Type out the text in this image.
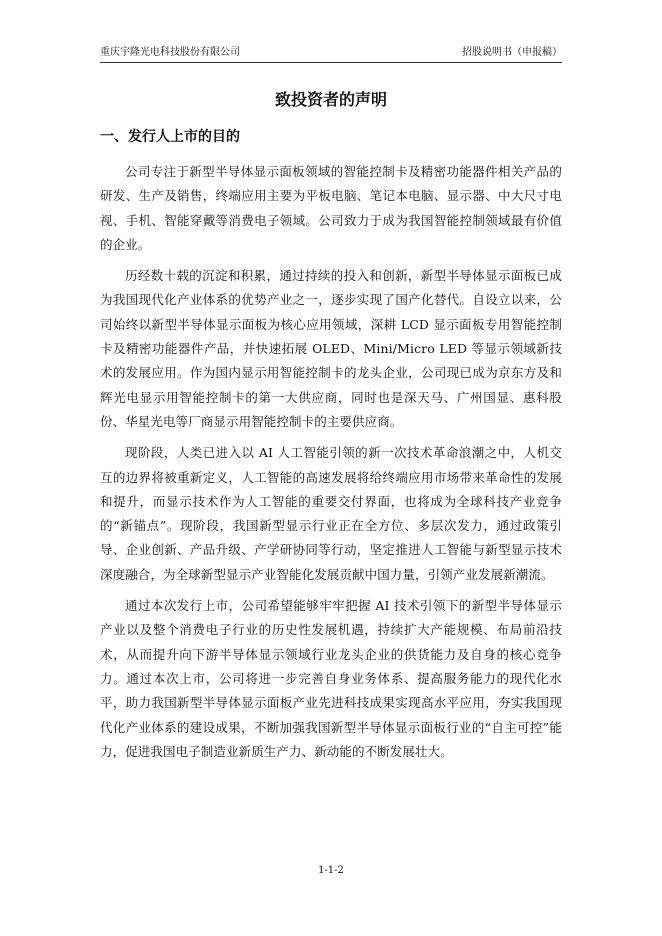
重庆宇隆光电科技股份有限公司	招股说明书（申报稿）
致投资者的声明
一、发行人上市的目的

公司专注于新型半导体显示面板领域的智能控制卡及精密功能器件相关产品的研发、生产及销售，终端应用主要为平板电脑、笔记本电脑、显示器、中大尺寸电视、手机、智能穿戴等消费电子领域。公司致力于成为我国智能控制领域最有价值的企业。

历经数十载的沉淀和积累，通过持续的投入和创新，新型半导体显示面板已成为我国现代化产业体系的优势产业之一，逐步实现了国产化替代。自设立以来，公司始终以新型半导体显示面板为核心应用领域，深耕 LCD 显示面板专用智能控制卡及精密功能器件产品，并快速拓展 OLED、Mini/Micro LED 等显示领域新技术的发展应用。作为国内显示用智能控制卡的龙头企业，公司现已成为京东方及和辉光电显示用智能控制卡的第一大供应商，同时也是深天马、广州国显、惠科股份、华星光电等厂商显示用智能控制卡的主要供应商。

现阶段，人类已进入以 AI 人工智能引领的新一次技术革命浪潮之中，人机交互的边界将被重新定义，人工智能的高速发展将给终端应用市场带来革命性的发展和提升，而显示技术作为人工智能的重要交付界面，也将成为全球科技产业竞争的“新锚点”。现阶段，我国新型显示行业正在全方位、多层次发力，通过政策引导、企业创新、产品升级、产学研协同等行动，坚定推进人工智能与新型显示技术深度融合，为全球新型显示产业智能化发展贡献中国力量，引领产业发展新潮流。

通过本次发行上市，公司希望能够牢牢把握 AI 技术引领下的新型半导体显示产业以及整个消费电子行业的历史性发展机遇，持续扩大产能规模、布局前沿技术，从而提升向下游半导体显示领域行业龙头企业的供货能力及自身的核心竞争力。通过本次上市，公司将进一步完善自身业务体系、提高服务能力的现代化水平，助力我国新型半导体显示面板产业先进科技成果实现高水平应用，夯实我国现代化产业体系的建设成果，不断加强我国新型半导体显示面板行业的“自主可控”能力，促进我国电子制造业新质生产力、新动能的不断发展壮大。

1-1-2
